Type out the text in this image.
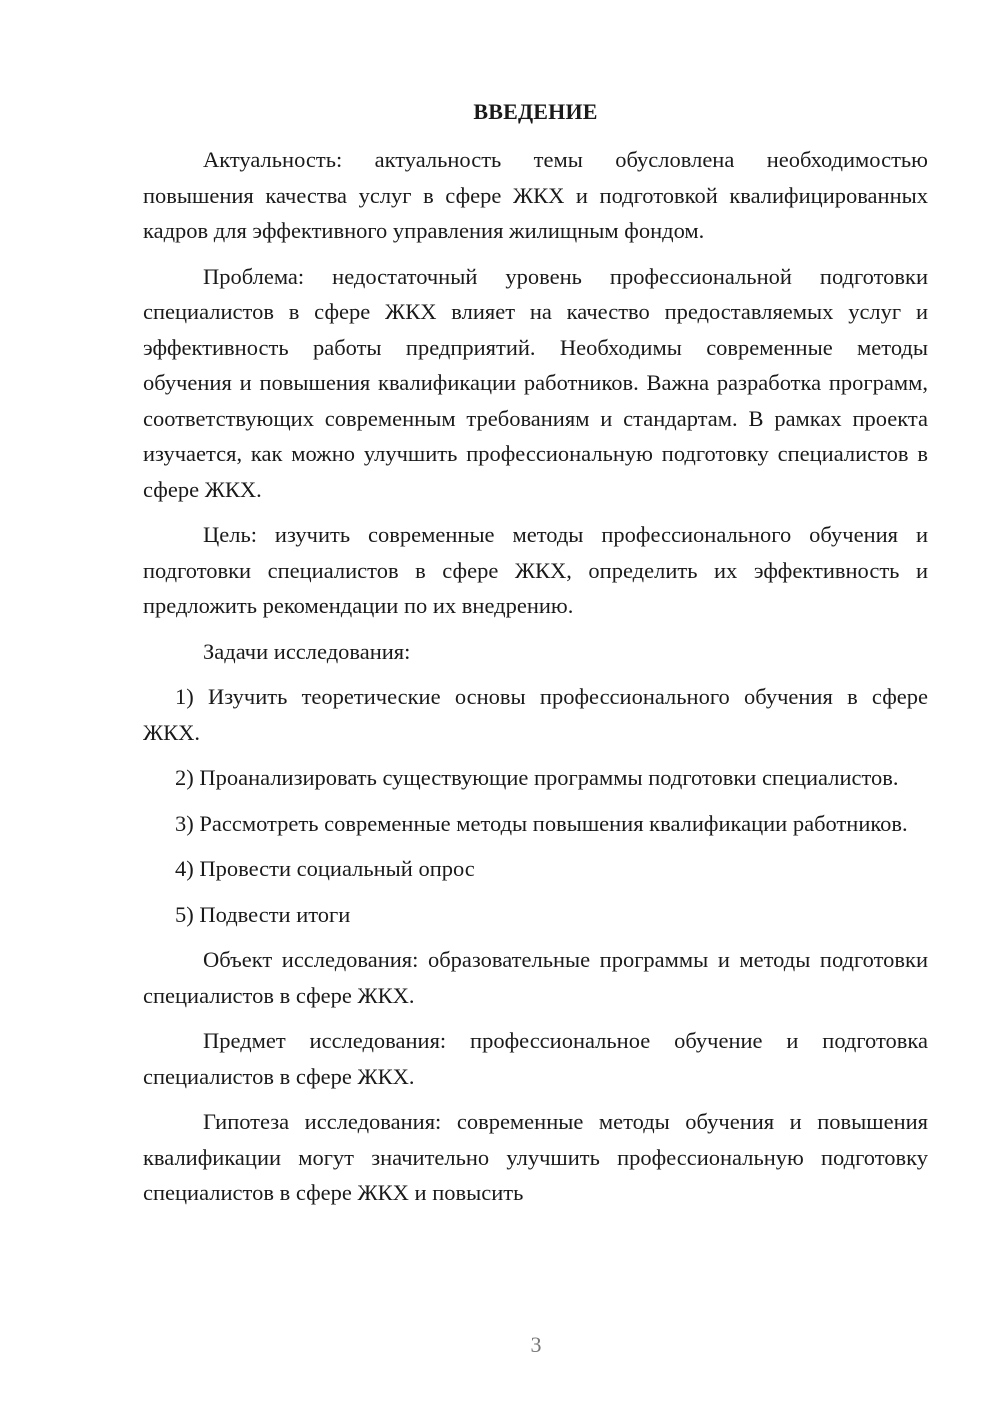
ВВЕДЕНИЕ

Актуальность: актуальность темы обусловлена необходимостью повышения качества услуг в сфере ЖКХ и подготовкой квалифицированных кадров для эффективного управления жилищным фондом.

Проблема: недостаточный уровень профессиональной подготовки специалистов в сфере ЖКХ влияет на качество предоставляемых услуг и эффективность работы предприятий. Необходимы современные методы обучения и повышения квалификации работников. Важна разработка программ, соответствующих современным требованиям и стандартам. В рамках проекта изучается, как можно улучшить профессиональную подготовку специалистов в сфере ЖКХ.

Цель: изучить современные методы профессионального обучения и подготовки специалистов в сфере ЖКХ, определить их эффективность и предложить рекомендации по их внедрению.

Задачи исследования:

1) Изучить теоретические основы профессионального обучения в сфере ЖКХ.

2) Проанализировать существующие программы подготовки специалистов.

3) Рассмотреть современные методы повышения квалификации работников.

4) Провести социальный опрос

5) Подвести итоги

Объект исследования: образовательные программы и методы подготовки специалистов в сфере ЖКХ.

Предмет исследования: профессиональное обучение и подготовка специалистов в сфере ЖКХ.

Гипотеза исследования: современные методы обучения и повышения квалификации могут значительно улучшить профессиональную подготовку специалистов в сфере ЖКХ и повысить

3
